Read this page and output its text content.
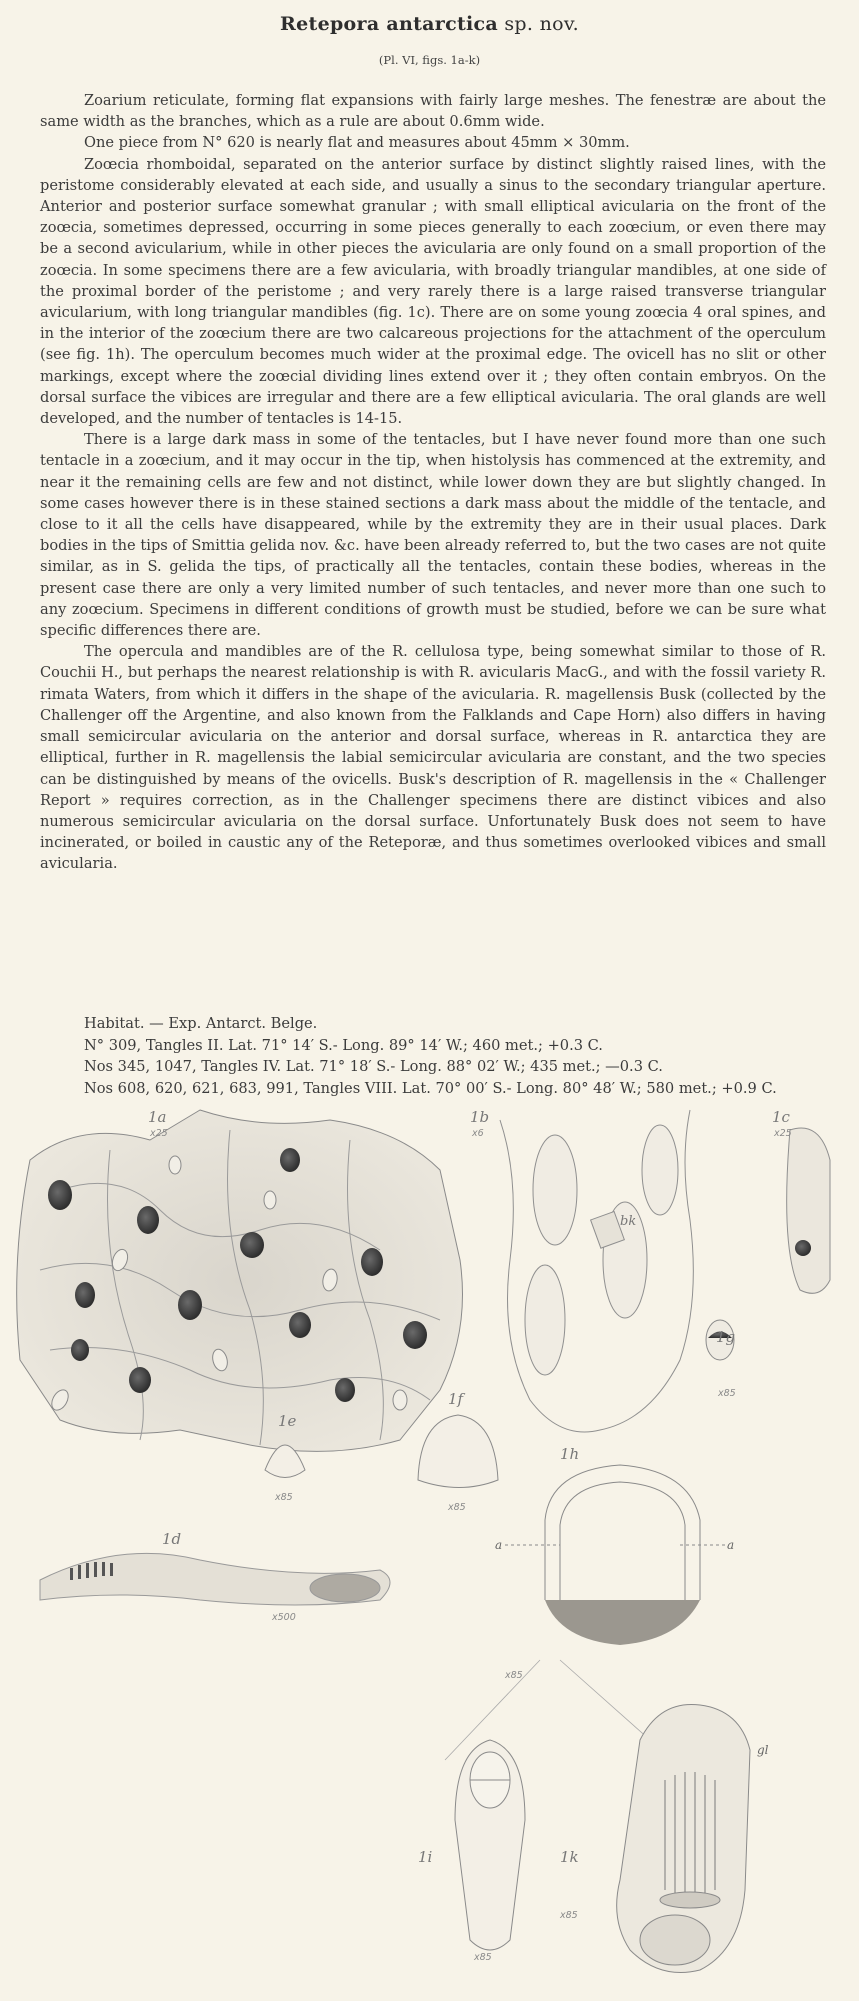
Retepora antarctica sp. nov.
(Pl. VI, figs. 1a-k)

Zoarium reticulate, forming flat expansions with fairly large meshes. The fenestræ are about the same width as the branches, which as a rule are about 0.6mm wide.

One piece from N° 620 is nearly flat and measures about 45mm × 30mm.

Zoœcia rhomboidal, separated on the anterior surface by distinct slightly raised lines, with the peristome considerably elevated at each side, and usually a sinus to the secondary triangular aperture. Anterior and posterior surface somewhat granular ; with small elliptical avicularia on the front of the zoœcia, sometimes depressed, occurring in some pieces generally to each zoœcium, or even there may be a second avicularium, while in other pieces the avicularia are only found on a small proportion of the zoœcia. In some specimens there are a few avicularia, with broadly triangular mandibles, at one side of the proximal border of the peristome ; and very rarely there is a large raised transverse triangular avicularium, with long triangular mandibles (fig. 1c). There are on some young zoœcia 4 oral spines, and in the interior of the zoœcium there are two calcareous projections for the attachment of the operculum (see fig. 1h). The operculum becomes much wider at the proximal edge. The ovicell has no slit or other markings, except where the zoœcial dividing lines extend over it ; they often contain embryos. On the dorsal surface the vibices are irregular and there are a few elliptical avicularia. The oral glands are well developed, and the number of tentacles is 14-15.

There is a large dark mass in some of the tentacles, but I have never found more than one such tentacle in a zoœcium, and it may occur in the tip, when histolysis has commenced at the extremity, and near it the remaining cells are few and not distinct, while lower down they are but slightly changed. In some cases however there is in these stained sections a dark mass about the middle of the tentacle, and close to it all the cells have disappeared, while by the extremity they are in their usual places. Dark bodies in the tips of Smittia gelida nov. &c. have been already referred to, but the two cases are not quite similar, as in S. gelida the tips, of practically all the tentacles, contain these bodies, whereas in the present case there are only a very limited number of such tentacles, and never more than one such to any zoœcium. Specimens in different conditions of growth must be studied, before we can be sure what specific differences there are.

The opercula and mandibles are of the R. cellulosa type, being somewhat similar to those of R. Couchii H., but perhaps the nearest relationship is with R. avicularis MacG., and with the fossil variety R. rimata Waters, from which it differs in the shape of the avicularia. R. magellensis Busk (collected by the Challenger off the Argentine, and also known from the Falklands and Cape Horn) also differs in having small semicircular avicularia on the anterior and dorsal surface, whereas in R. antarctica they are elliptical, further in R. magellensis the labial semicircular avicularia are constant, and the two species can be distinguished by means of the ovicells. Busk's description of R. magellensis in the « Challenger Report » requires correction, as in the Challenger specimens there are distinct vibices and also numerous semicircular avicularia on the dorsal surface. Unfortunately Busk does not seem to have incinerated, or boiled in caustic any of the Reteporæ, and thus sometimes overlooked vibices and small avicularia.

Habitat. — Exp. Antarct. Belge.

N° 309, Tangles II. Lat. 71° 14′ S.- Long. 89° 14′ W.; 460 met.; +0.3 C.

Nos 345, 1047, Tangles IV. Lat. 71° 18′ S.- Long. 88° 02′ W.; 435 met.; —0.3 C.

Nos 608, 620, 621, 683, 991, Tangles VIII. Lat. 70° 00′ S.- Long. 80° 48′ W.; 580 met.; +0.9 C.

1a
x25
1b
x6
1c
x25
bk
1g
x85
1e
x85
1f
x85
1h
1d
x500
a	a
x85
gl
1i
x85
1k
x85
